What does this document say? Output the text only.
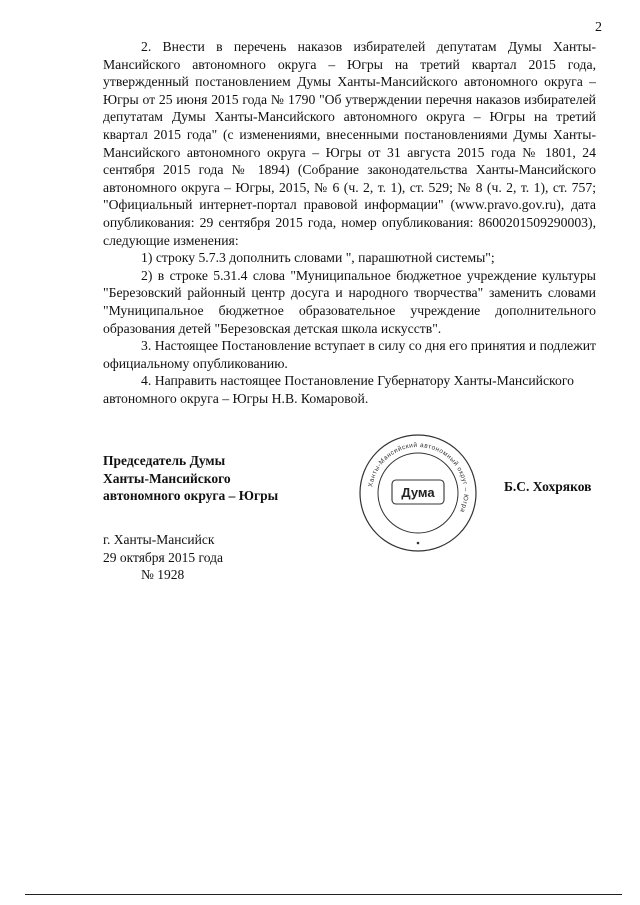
2

2. Внести в перечень наказов избирателей депутатам Думы Ханты-Мансийского автономного округа – Югры на третий квартал 2015 года, утвержденный постановлением Думы Ханты-Мансийского автономного округа – Югры от 25 июня 2015 года № 1790 "Об утверждении перечня наказов избирателей депутатам Думы Ханты-Мансийского автономного округа – Югры на третий квартал 2015 года" (с изменениями, внесенными постановлениями Думы Ханты-Мансийского автономного округа – Югры от 31 августа 2015 года № 1801, 24 сентября 2015 года № 1894) (Собрание законодательства Ханты-Мансийского автономного округа – Югры, 2015, № 6 (ч. 2, т. 1), ст. 529; № 8 (ч. 2, т. 1), ст. 757; "Официальный интернет-портал правовой информации" (www.pravo.gov.ru), дата опубликования: 29 сентября 2015 года, номер опубликования: 8600201509290003), следующие изменения:

1) строку 5.7.3 дополнить словами ", парашютной системы";

2) в строке 5.31.4 слова "Муниципальное бюджетное учреждение культуры "Березовский районный центр досуга и народного творчества" заменить словами "Муниципальное бюджетное образовательное учреждение дополнительного образования детей "Березовская детская школа искусств".

3. Настоящее Постановление вступает в силу со дня его принятия и подлежит официальному опубликованию.

4. Направить настоящее Постановление Губернатору Ханты-Мансийского автономного округа – Югры Н.В. Комаровой.

Председатель Думы
Ханты-Мансийского
автономного округа – Югры	Дума
Ханты-Мансийский автономный округ – Югра
Б.С. Хохряков
г. Ханты-Мансийск
29 октября 2015 года
№ 1928
